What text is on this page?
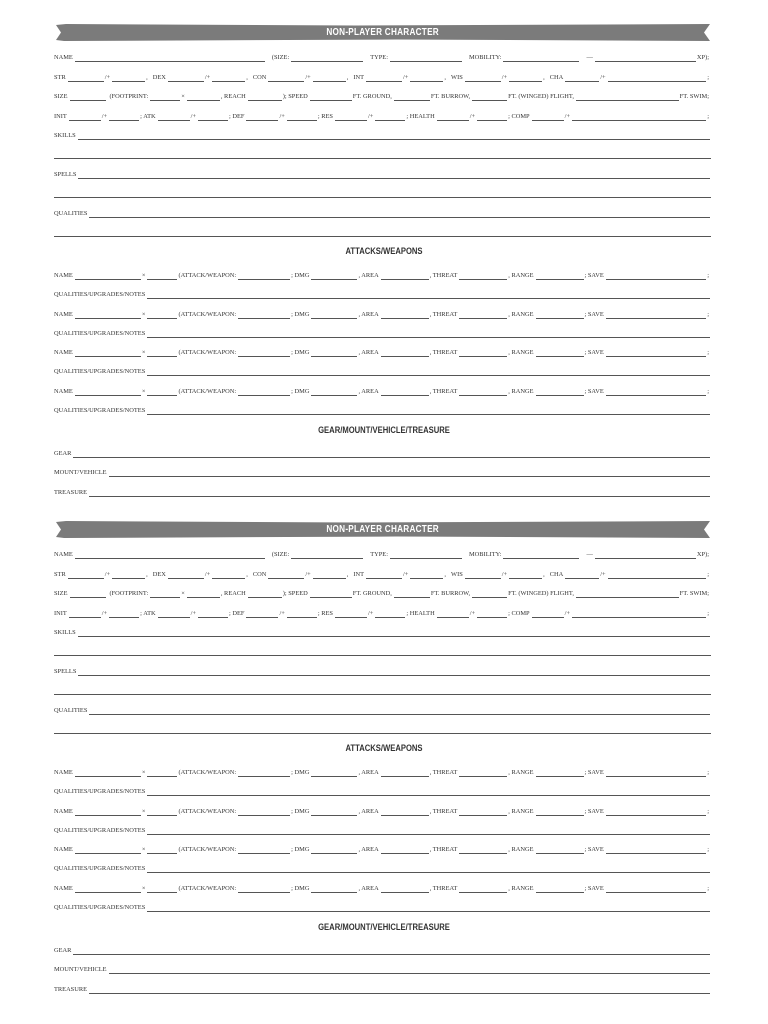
NON-PLAYER CHARACTER
NAME	(SIZE:	TYPE:	MOBILITY:	—	XP);
STR	/+	, DEX	/+	, CON	/+	, INT	/+	, WIS	/+	, CHA	/+	;
SIZE	(FOOTPRINT:	×	, REACH	); SPEED	FT. GROUND,	FT. BURROW,	FT. (WINGED) FLIGHT,	FT. SWIM;
INIT	/+	; ATK	/+	; DEF	/+	; RES	/+	; HEALTH	/+	; COMP	/+	;
SKILLS
SPELLS
QUALITIES
ATTACKS/WEAPONS
NAME	×	(ATTACK/WEAPON:	; DMG	, AREA	, THREAT	, RANGE	; SAVE	;
QUALITIES/UPGRADES/NOTES
NAME	×	(ATTACK/WEAPON:	; DMG	, AREA	, THREAT	, RANGE	; SAVE	;
QUALITIES/UPGRADES/NOTES
NAME	×	(ATTACK/WEAPON:	; DMG	, AREA	, THREAT	, RANGE	; SAVE	;
QUALITIES/UPGRADES/NOTES
NAME	×	(ATTACK/WEAPON:	; DMG	, AREA	, THREAT	, RANGE	; SAVE	;
QUALITIES/UPGRADES/NOTES
GEAR/MOUNT/VEHICLE/TREASURE
GEAR
MOUNT/VEHICLE
TREASURE
NON-PLAYER CHARACTER
NAME	(SIZE:	TYPE:	MOBILITY:	—	XP);
STR	/+	, DEX	/+	, CON	/+	, INT	/+	, WIS	/+	, CHA	/+	;
SIZE	(FOOTPRINT:	×	, REACH	); SPEED	FT. GROUND,	FT. BURROW,	FT. (WINGED) FLIGHT,	FT. SWIM;
INIT	/+	; ATK	/+	; DEF	/+	; RES	/+	; HEALTH	/+	; COMP	/+	;
SKILLS
SPELLS
QUALITIES
ATTACKS/WEAPONS
NAME	×	(ATTACK/WEAPON:	; DMG	, AREA	, THREAT	, RANGE	; SAVE	;
QUALITIES/UPGRADES/NOTES
NAME	×	(ATTACK/WEAPON:	; DMG	, AREA	, THREAT	, RANGE	; SAVE	;
QUALITIES/UPGRADES/NOTES
NAME	×	(ATTACK/WEAPON:	; DMG	, AREA	, THREAT	, RANGE	; SAVE	;
QUALITIES/UPGRADES/NOTES
NAME	×	(ATTACK/WEAPON:	; DMG	, AREA	, THREAT	, RANGE	; SAVE	;
QUALITIES/UPGRADES/NOTES
GEAR/MOUNT/VEHICLE/TREASURE
GEAR
MOUNT/VEHICLE
TREASURE
